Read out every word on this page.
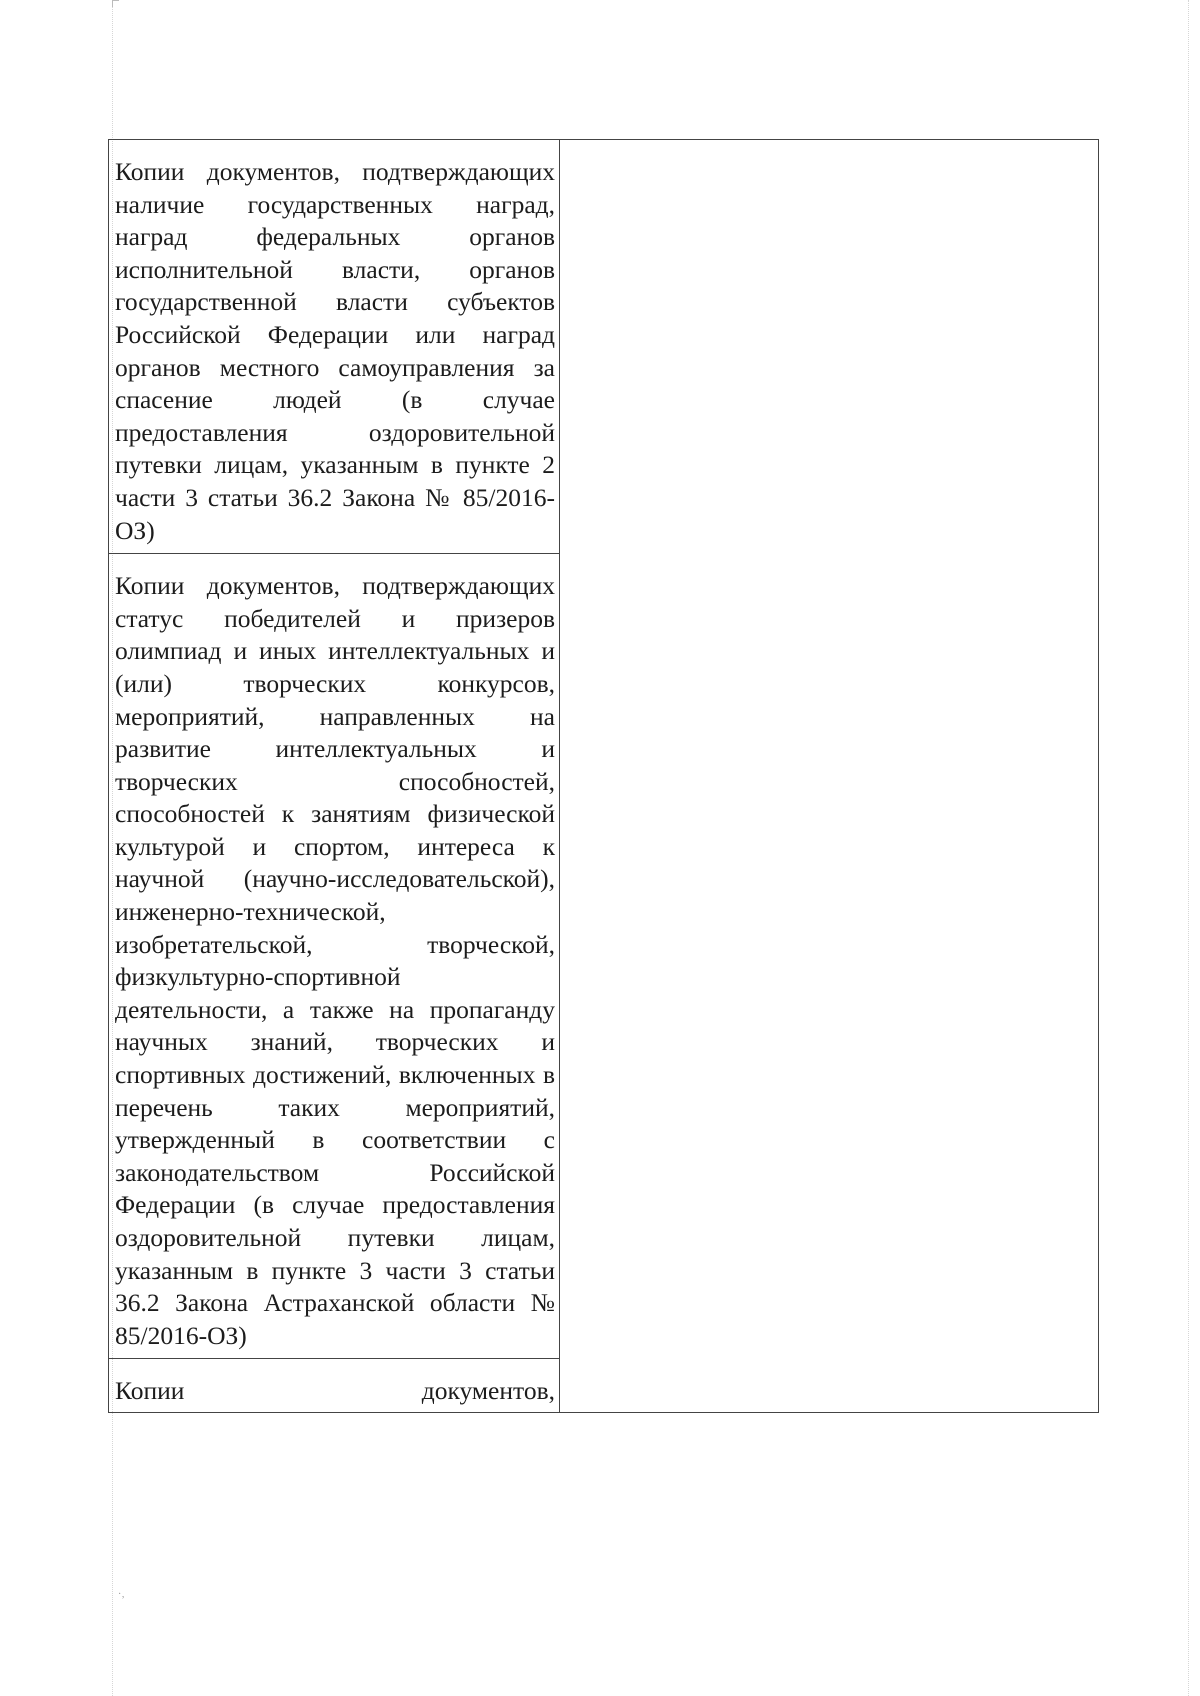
·‚
Копии документов, подтверждающих наличие государственных наград, наград федеральных органов исполнительной власти, органов государственной власти субъектов Российской Федерации или наград органов местного самоуправления за спасение людей (в случае предоставления оздоровительной путевки лицам, указанным в пункте 2 части 3 статьи 36.2 Закона № 85/2016-ОЗ)

Копии документов, подтверждающих статус победителей и призеров олимпиад и иных интеллектуальных и (или) творческих конкурсов, мероприятий, направленных на развитие интеллектуальных и творческих способностей, способностей к занятиям физической культурой и спортом, интереса к научной (научно-исследовательской), инженерно-технической, изобретательской, творческой, физкультурно-спортивной деятельности, а также на пропаганду научных знаний, творческих и спортивных достижений, включенных в перечень таких мероприятий, утвержденный в соответствии с законодательством Российской Федерации (в случае предоставления оздоровительной путевки лицам, указанным в пункте 3 части 3 статьи 36.2 Закона Астраханской области № 85/2016-ОЗ)

Копии документов,
